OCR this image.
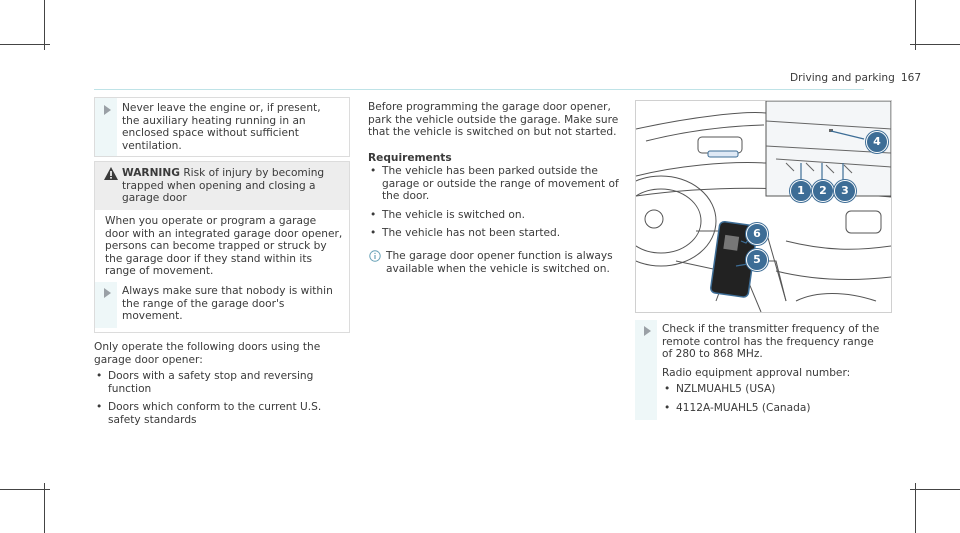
Driving and parking 167
Never leave the engine or, if present, the auxiliary heating running in an enclosed space without sufficient ventilation.
WARNING Risk of injury by becoming trapped when opening and closing a garage door
When you operate or program a garage door with an integrated garage door opener, persons can become trapped or struck by the garage door if they stand within its range of movement.
Always make sure that nobody is within the range of the garage door's movement.
Only operate the following doors using the garage door opener:
• Doors with a safety stop and reversing function
• Doors which conform to the current U.S. safety standards
Before programming the garage door opener, park the vehicle outside the garage. Make sure that the vehicle is switched on but not started.
Requirements
• The vehicle has been parked outside the garage or outside the range of movement of the door.
• The vehicle is switched on.
• The vehicle has not been started.
The garage door opener function is always available when the vehicle is switched on.
1	2	3
4
5
6
Check if the transmitter frequency of the remote control has the frequency range of 280 to 868 MHz.
Radio equipment approval number:
• NZLMUAHL5 (USA)
• 4112A-MUAHL5 (Canada)
